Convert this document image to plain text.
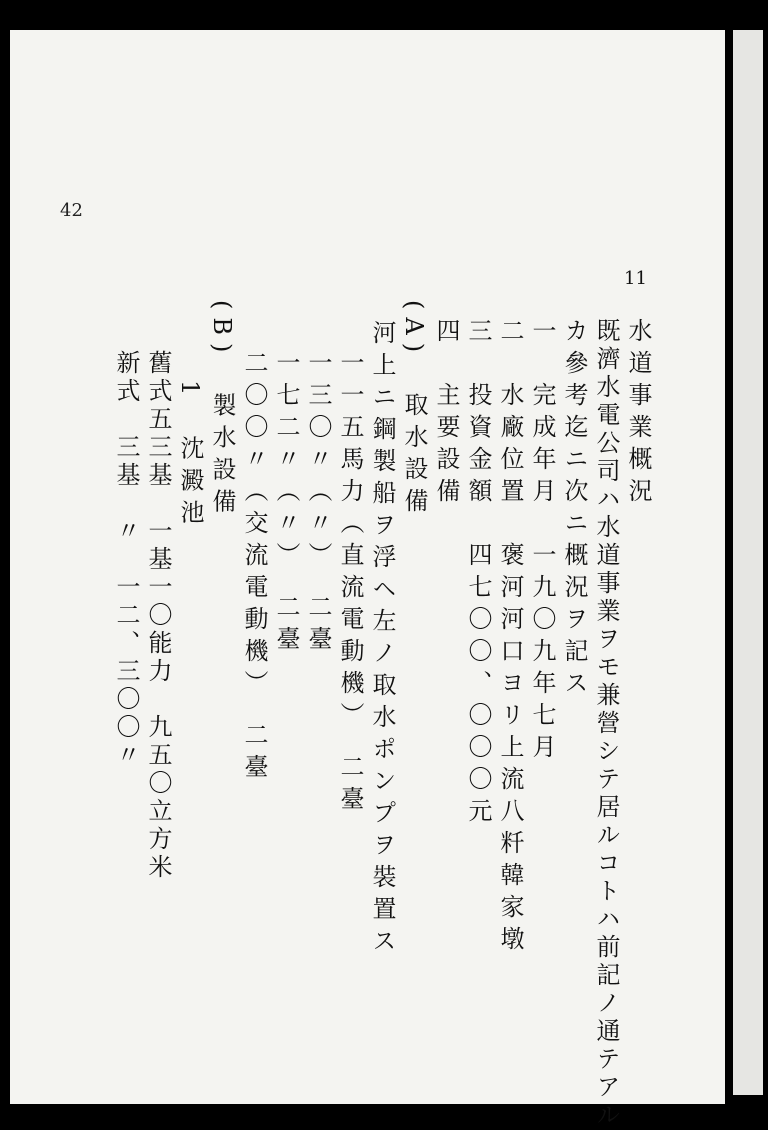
42
11
水道事業概況
既濟水電公司ハ水道事業ヲモ兼營シテ居ルコトハ前記ノ通テアル
カ參考迄ニ次ニ概況ヲ記ス
一　完成年月　一九〇九年七月
二　水廠位置　褒河河口ヨリ上流八粁韓家墩
三　投資金額　四七〇〇、〇〇〇元
四　主要設備
(A)　取水設備
河上ニ鋼製船ヲ浮ヘ左ノ取水ポンプヲ裝置ス
一一五馬力（直流電動機）　二臺
一三〇〃（〃）　二臺
一七二〃（〃）　二臺
二〇〇〃（交流電動機）　二臺
(B)　製水設備
1　沈澱池
舊式五三基　一基一〇能力　九五〇立方米
新式　三基　〃　一二、三〇〇〃
